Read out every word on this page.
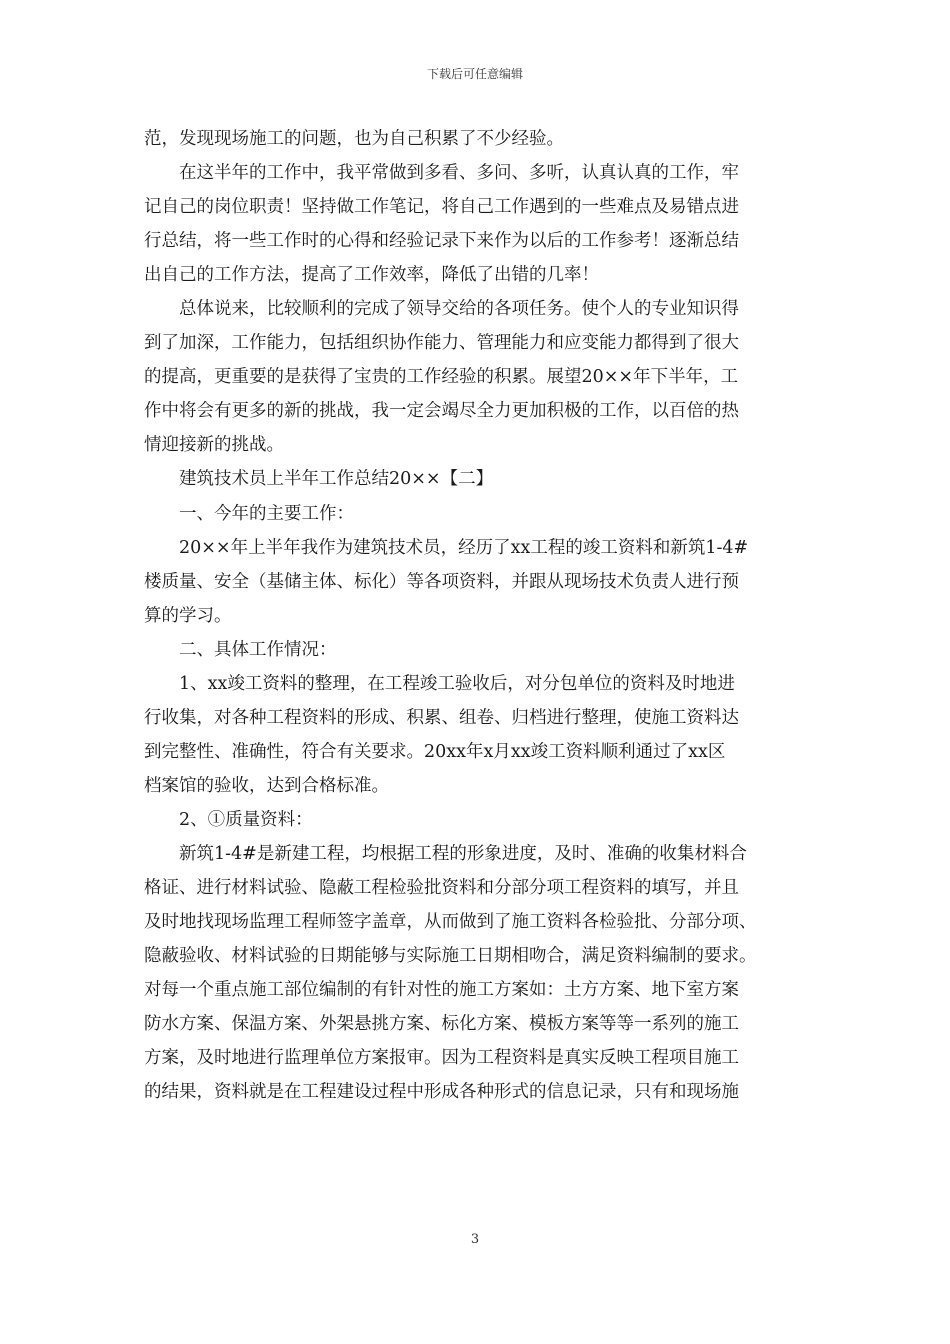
下载后可任意编辑
范，发现现场施工的问题，也为自己积累了不少经验。
在这半年的工作中，我平常做到多看、多问、多听，认真认真的工作，牢
记自己的岗位职责！坚持做工作笔记，将自己工作遇到的一些难点及易错点进
行总结，将一些工作时的心得和经验记录下来作为以后的工作参考！逐渐总结
出自己的工作方法，提高了工作效率，降低了出错的几率！
总体说来，比较顺利的完成了领导交给的各项任务。使个人的专业知识得
到了加深，工作能力，包括组织协作能力、管理能力和应变能力都得到了很大
的提高，更重要的是获得了宝贵的工作经验的积累。展望20××年下半年，工
作中将会有更多的新的挑战，我一定会竭尽全力更加积极的工作，以百倍的热
情迎接新的挑战。
建筑技术员上半年工作总结20××【二】
一、今年的主要工作：
20××年上半年我作为建筑技术员，经历了xx工程的竣工资料和新筑1-4#
楼质量、安全（基储主体、标化）等各项资料，并跟从现场技术负责人进行预
算的学习。
二、具体工作情况：
1、xx竣工资料的整理，在工程竣工验收后，对分包单位的资料及时地进
行收集，对各种工程资料的形成、积累、组卷、归档进行整理，使施工资料达
到完整性、准确性，符合有关要求。20xx年x月xx竣工资料顺利通过了xx区
档案馆的验收，达到合格标准。
2、①质量资料：
新筑1-4#是新建工程，均根据工程的形象进度，及时、准确的收集材料合
格证、进行材料试验、隐蔽工程检验批资料和分部分项工程资料的填写，并且
及时地找现场监理工程师签字盖章，从而做到了施工资料各检验批、分部分项、
隐蔽验收、材料试验的日期能够与实际施工日期相吻合，满足资料编制的要求。
对每一个重点施工部位编制的有针对性的施工方案如：土方方案、地下室方案
防水方案、保温方案、外架悬挑方案、标化方案、模板方案等等一系列的施工
方案，及时地进行监理单位方案报审。因为工程资料是真实反映工程项目施工
的结果，资料就是在工程建设过程中形成各种形式的信息记录，只有和现场施
3
